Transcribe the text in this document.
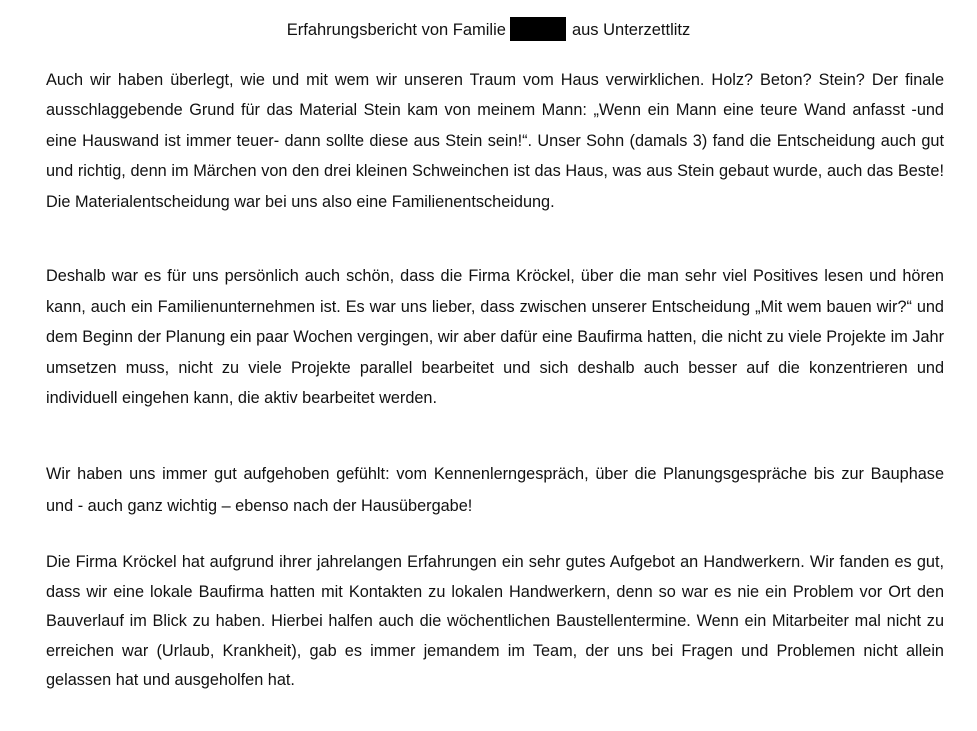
Erfahrungsbericht von Familie	aus Unterzettlitz

Auch wir haben überlegt, wie und mit wem wir unseren Traum vom Haus verwirklichen. Holz? Beton? Stein? Der finale ausschlaggebende Grund für das Material Stein kam von meinem Mann: „Wenn ein Mann eine teure Wand anfasst -und eine Hauswand ist immer teuer- dann sollte diese aus Stein sein!“. Unser Sohn (damals 3) fand die Entscheidung auch gut und richtig, denn im Märchen von den drei kleinen Schweinchen ist das Haus, was aus Stein gebaut wurde, auch das Beste! Die Materialentscheidung war bei uns also eine Familienentscheidung.

Deshalb war es für uns persönlich auch schön, dass die Firma Kröckel, über die man sehr viel Positives lesen und hören kann, auch ein Familienunternehmen ist. Es war uns lieber, dass zwischen unserer Entscheidung „Mit wem bauen wir?“ und dem Beginn der Planung ein paar Wochen vergingen, wir aber dafür eine Baufirma hatten, die nicht zu viele Projekte im Jahr umsetzen muss, nicht zu viele Projekte parallel bearbeitet und sich deshalb auch besser auf die konzentrieren und individuell eingehen kann, die aktiv bearbeitet werden.

Wir haben uns immer gut aufgehoben gefühlt: vom Kennenlerngespräch, über die Planungsgespräche bis zur Bauphase und - auch ganz wichtig – ebenso nach der Hausübergabe!

Die Firma Kröckel hat aufgrund ihrer jahrelangen Erfahrungen ein sehr gutes Aufgebot an Handwerkern. Wir fanden es gut, dass wir eine lokale Baufirma hatten mit Kontakten zu lokalen Handwerkern, denn so war es nie ein Problem vor Ort den Bauverlauf im Blick zu haben. Hierbei halfen auch die wöchentlichen Baustellentermine. Wenn ein Mitarbeiter mal nicht zu erreichen war (Urlaub, Krankheit), gab es immer jemandem im Team, der uns bei Fragen und Problemen nicht allein gelassen hat und ausgeholfen hat.
